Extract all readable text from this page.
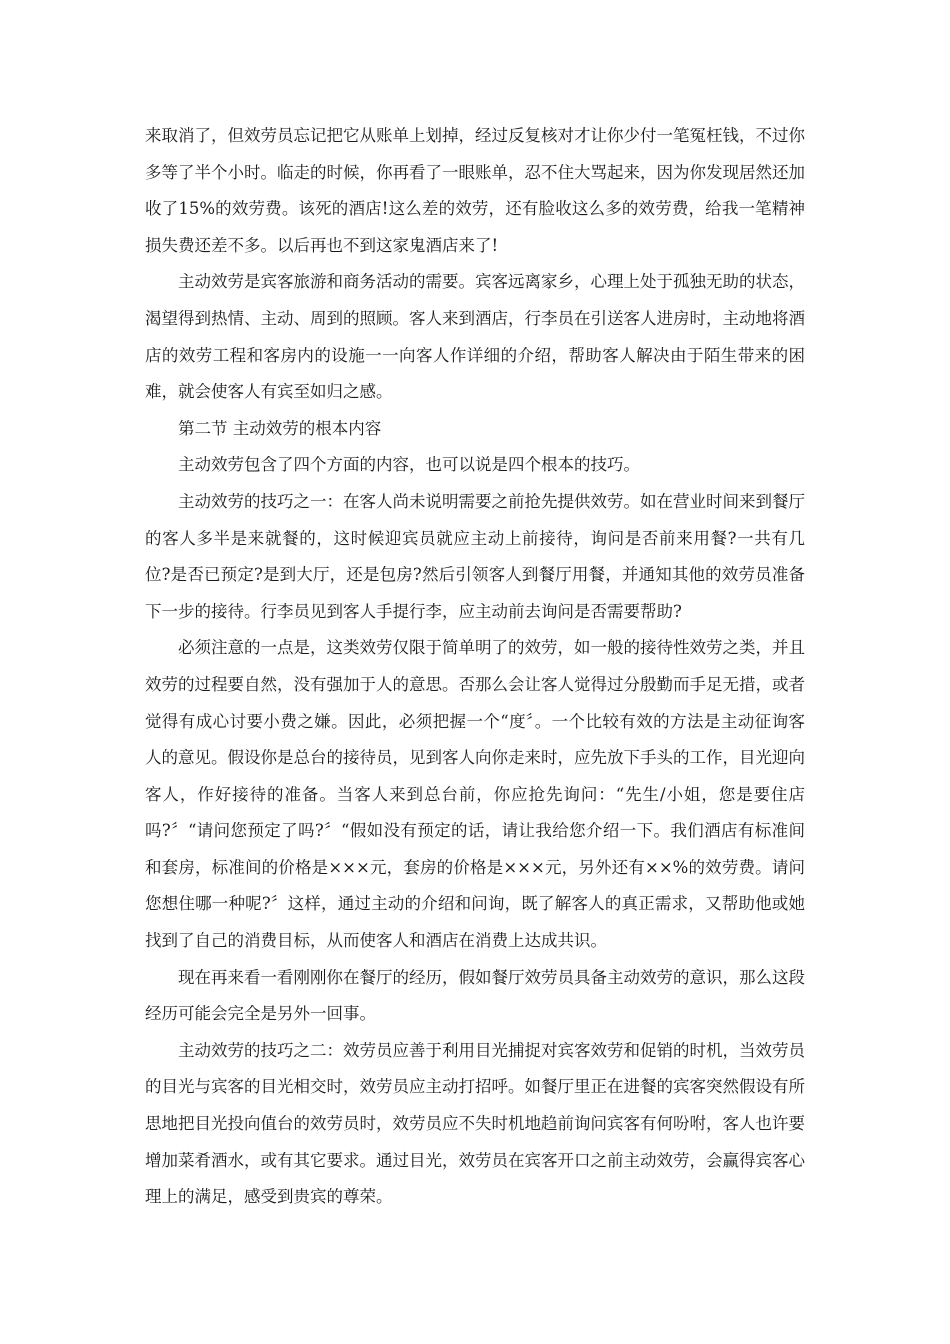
来取消了，但效劳员忘记把它从账单上划掉，经过反复核对才让你少付一笔冤枉钱，不过你多等了半个小时。临走的时候，你再看了一眼账单，忍不住大骂起来，因为你发现居然还加收了15%的效劳费。该死的酒店!这么差的效劳，还有脸收这么多的效劳费，给我一笔精神损失费还差不多。以后再也不到这家鬼酒店来了!

主动效劳是宾客旅游和商务活动的需要。宾客远离家乡，心理上处于孤独无助的状态，渴望得到热情、主动、周到的照顾。客人来到酒店，行李员在引送客人进房时，主动地将酒店的效劳工程和客房内的设施一一向客人作详细的介绍，帮助客人解决由于陌生带来的困难，就会使客人有宾至如归之感。

第二节 主动效劳的根本内容

主动效劳包含了四个方面的内容，也可以说是四个根本的技巧。

主动效劳的技巧之一：在客人尚未说明需要之前抢先提供效劳。如在营业时间来到餐厅的客人多半是来就餐的，这时候迎宾员就应主动上前接待，询问是否前来用餐?一共有几位?是否已预定?是到大厅，还是包房?然后引领客人到餐厅用餐，并通知其他的效劳员准备下一步的接待。行李员见到客人手提行李，应主动前去询问是否需要帮助?

必须注意的一点是，这类效劳仅限于简单明了的效劳，如一般的接待性效劳之类，并且效劳的过程要自然，没有强加于人的意思。否那么会让客人觉得过分殷勤而手足无措，或者觉得有成心讨要小费之嫌。因此，必须把握一个“度〞。一个比较有效的方法是主动征询客人的意见。假设你是总台的接待员，见到客人向你走来时，应先放下手头的工作，目光迎向客人，作好接待的准备。当客人来到总台前，你应抢先询问：“先生/小姐，您是要住店吗?〞“请问您预定了吗?〞“假如没有预定的话，请让我给您介绍一下。我们酒店有标准间和套房，标准间的价格是×××元，套房的价格是×××元，另外还有××%的效劳费。请问您想住哪一种呢?〞这样，通过主动的介绍和问询，既了解客人的真正需求，又帮助他或她找到了自己的消费目标，从而使客人和酒店在消费上达成共识。

现在再来看一看刚刚你在餐厅的经历，假如餐厅效劳员具备主动效劳的意识，那么这段经历可能会完全是另外一回事。

主动效劳的技巧之二：效劳员应善于利用目光捕捉对宾客效劳和促销的时机，当效劳员的目光与宾客的目光相交时，效劳员应主动打招呼。如餐厅里正在进餐的宾客突然假设有所思地把目光投向值台的效劳员时，效劳员应不失时机地趋前询问宾客有何吩咐，客人也许要增加菜肴酒水，或有其它要求。通过目光，效劳员在宾客开口之前主动效劳，会赢得宾客心理上的满足，感受到贵宾的尊荣。
